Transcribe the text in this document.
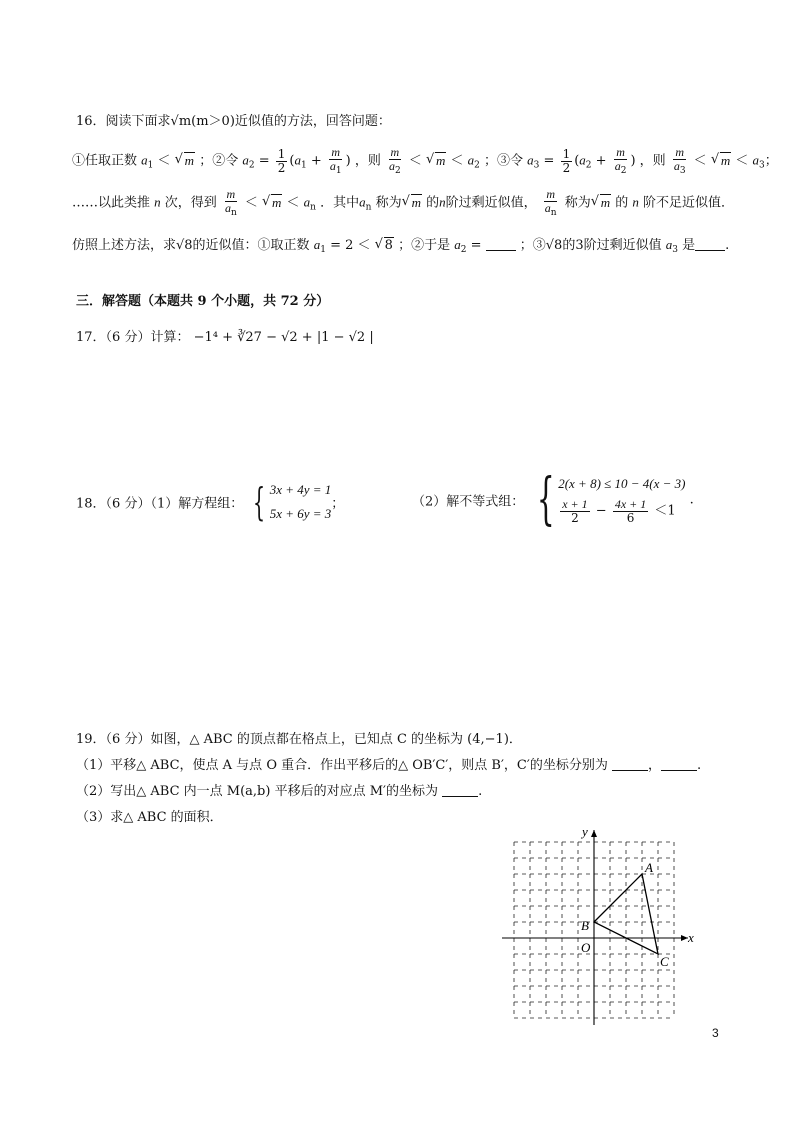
16．阅读下面求√m(m＞0)近似值的方法，回答问题：
①任取正数 $a_1$ ＜ √ m ；②令 $a_2 = \frac{1}{2} (a_1 + \frac{m}{a_1}$ ) ，则 $\frac{m}{a_2}$ ＜ √ $m < a_2$ ；③令 $a_3 = \frac{1}{2} (a_2 + \frac{m}{a_2}$ ) ，则 $\frac{m}{a_3}$ ＜ √ $m < a_3$；
……以此类推 n 次，得到 $\frac{m}{a_n}$ ＜ √ $m < a_n$ ．其中$a_n$ 称为 √ m 的n阶过剩近似值， $\frac{m}{a_n}$ 称为 √ m 的 n 阶不足近似值．
仿照上述方法，求√8的近似值：①取正数 $a_1 = 2$ ＜ √ 8 ；②于是 $a_2$ =	；③√8的3阶过剩近似值 $a_3$ 是 .
三．解答题（本题共 9 个小题，共 72 分）
17．（6 分）计算： −1⁴ + ∛27 − √2 + |1 − √2 |
18．（6 分）（1）解方程组： { 3x + 4y = 1
5x + 6y = 3
；	（2）解不等式组： { 2(x + 8) ≤ 10 − 4(x − 3)
$\frac{x + 1}{2} - \frac{4x + 1}{6} <1$
.
19．（6 分）如图，△ ABC 的顶点都在格点上，已知点 C 的坐标为 (4,−1)．
（1）平移△ ABC，使点 A 与点 O 重合．作出平移后的△ OB′C′，则点 B′，C′的坐标分别为	，	.
（2）写出△ ABC 内一点 M(a,b) 平移后的对应点 M′的坐标为	.
（3）求△ ABC 的面积．
x
y
O
A
B
C
3
